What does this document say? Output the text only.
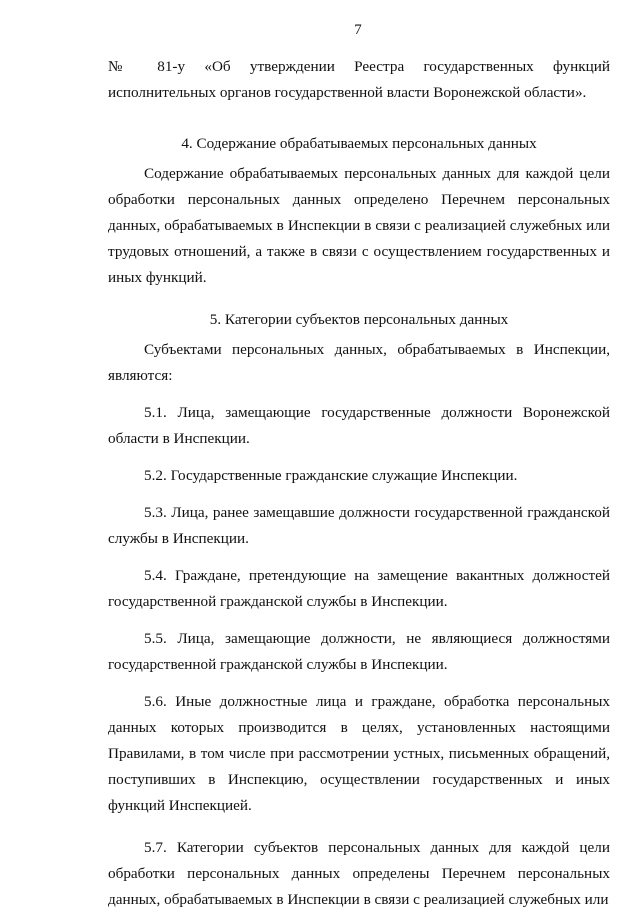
7

№ 81-у «Об утверждении Реестра государственных функций исполнительных органов государственной власти Воронежской области».

4. Содержание обрабатываемых персональных данных

Содержание обрабатываемых персональных данных для каждой цели обработки персональных данных определено Перечнем персональных данных, обрабатываемых в Инспекции в связи с реализацией служебных или трудовых отношений, а также в связи с осуществлением государственных и иных функций.

5. Категории субъектов персональных данных

Субъектами персональных данных, обрабатываемых в Инспекции, являются:

5.1. Лица, замещающие государственные должности Воронежской области в Инспекции.

5.2. Государственные гражданские служащие Инспекции.

5.3. Лица, ранее замещавшие должности государственной гражданской службы в Инспекции.

5.4. Граждане, претендующие на замещение вакантных должностей государственной гражданской службы в Инспекции.

5.5. Лица, замещающие должности, не являющиеся должностями государственной гражданской службы в Инспекции.

5.6. Иные должностные лица и граждане, обработка персональных данных которых производится в целях, установленных настоящими Правилами, в том числе при рассмотрении устных, письменных обращений, поступивших в Инспекцию, осуществлении государственных и иных функций Инспекцией.

5.7. Категории субъектов персональных данных для каждой цели обработки персональных данных определены Перечнем персональных данных, обрабатываемых в Инспекции в связи с реализацией служебных или
